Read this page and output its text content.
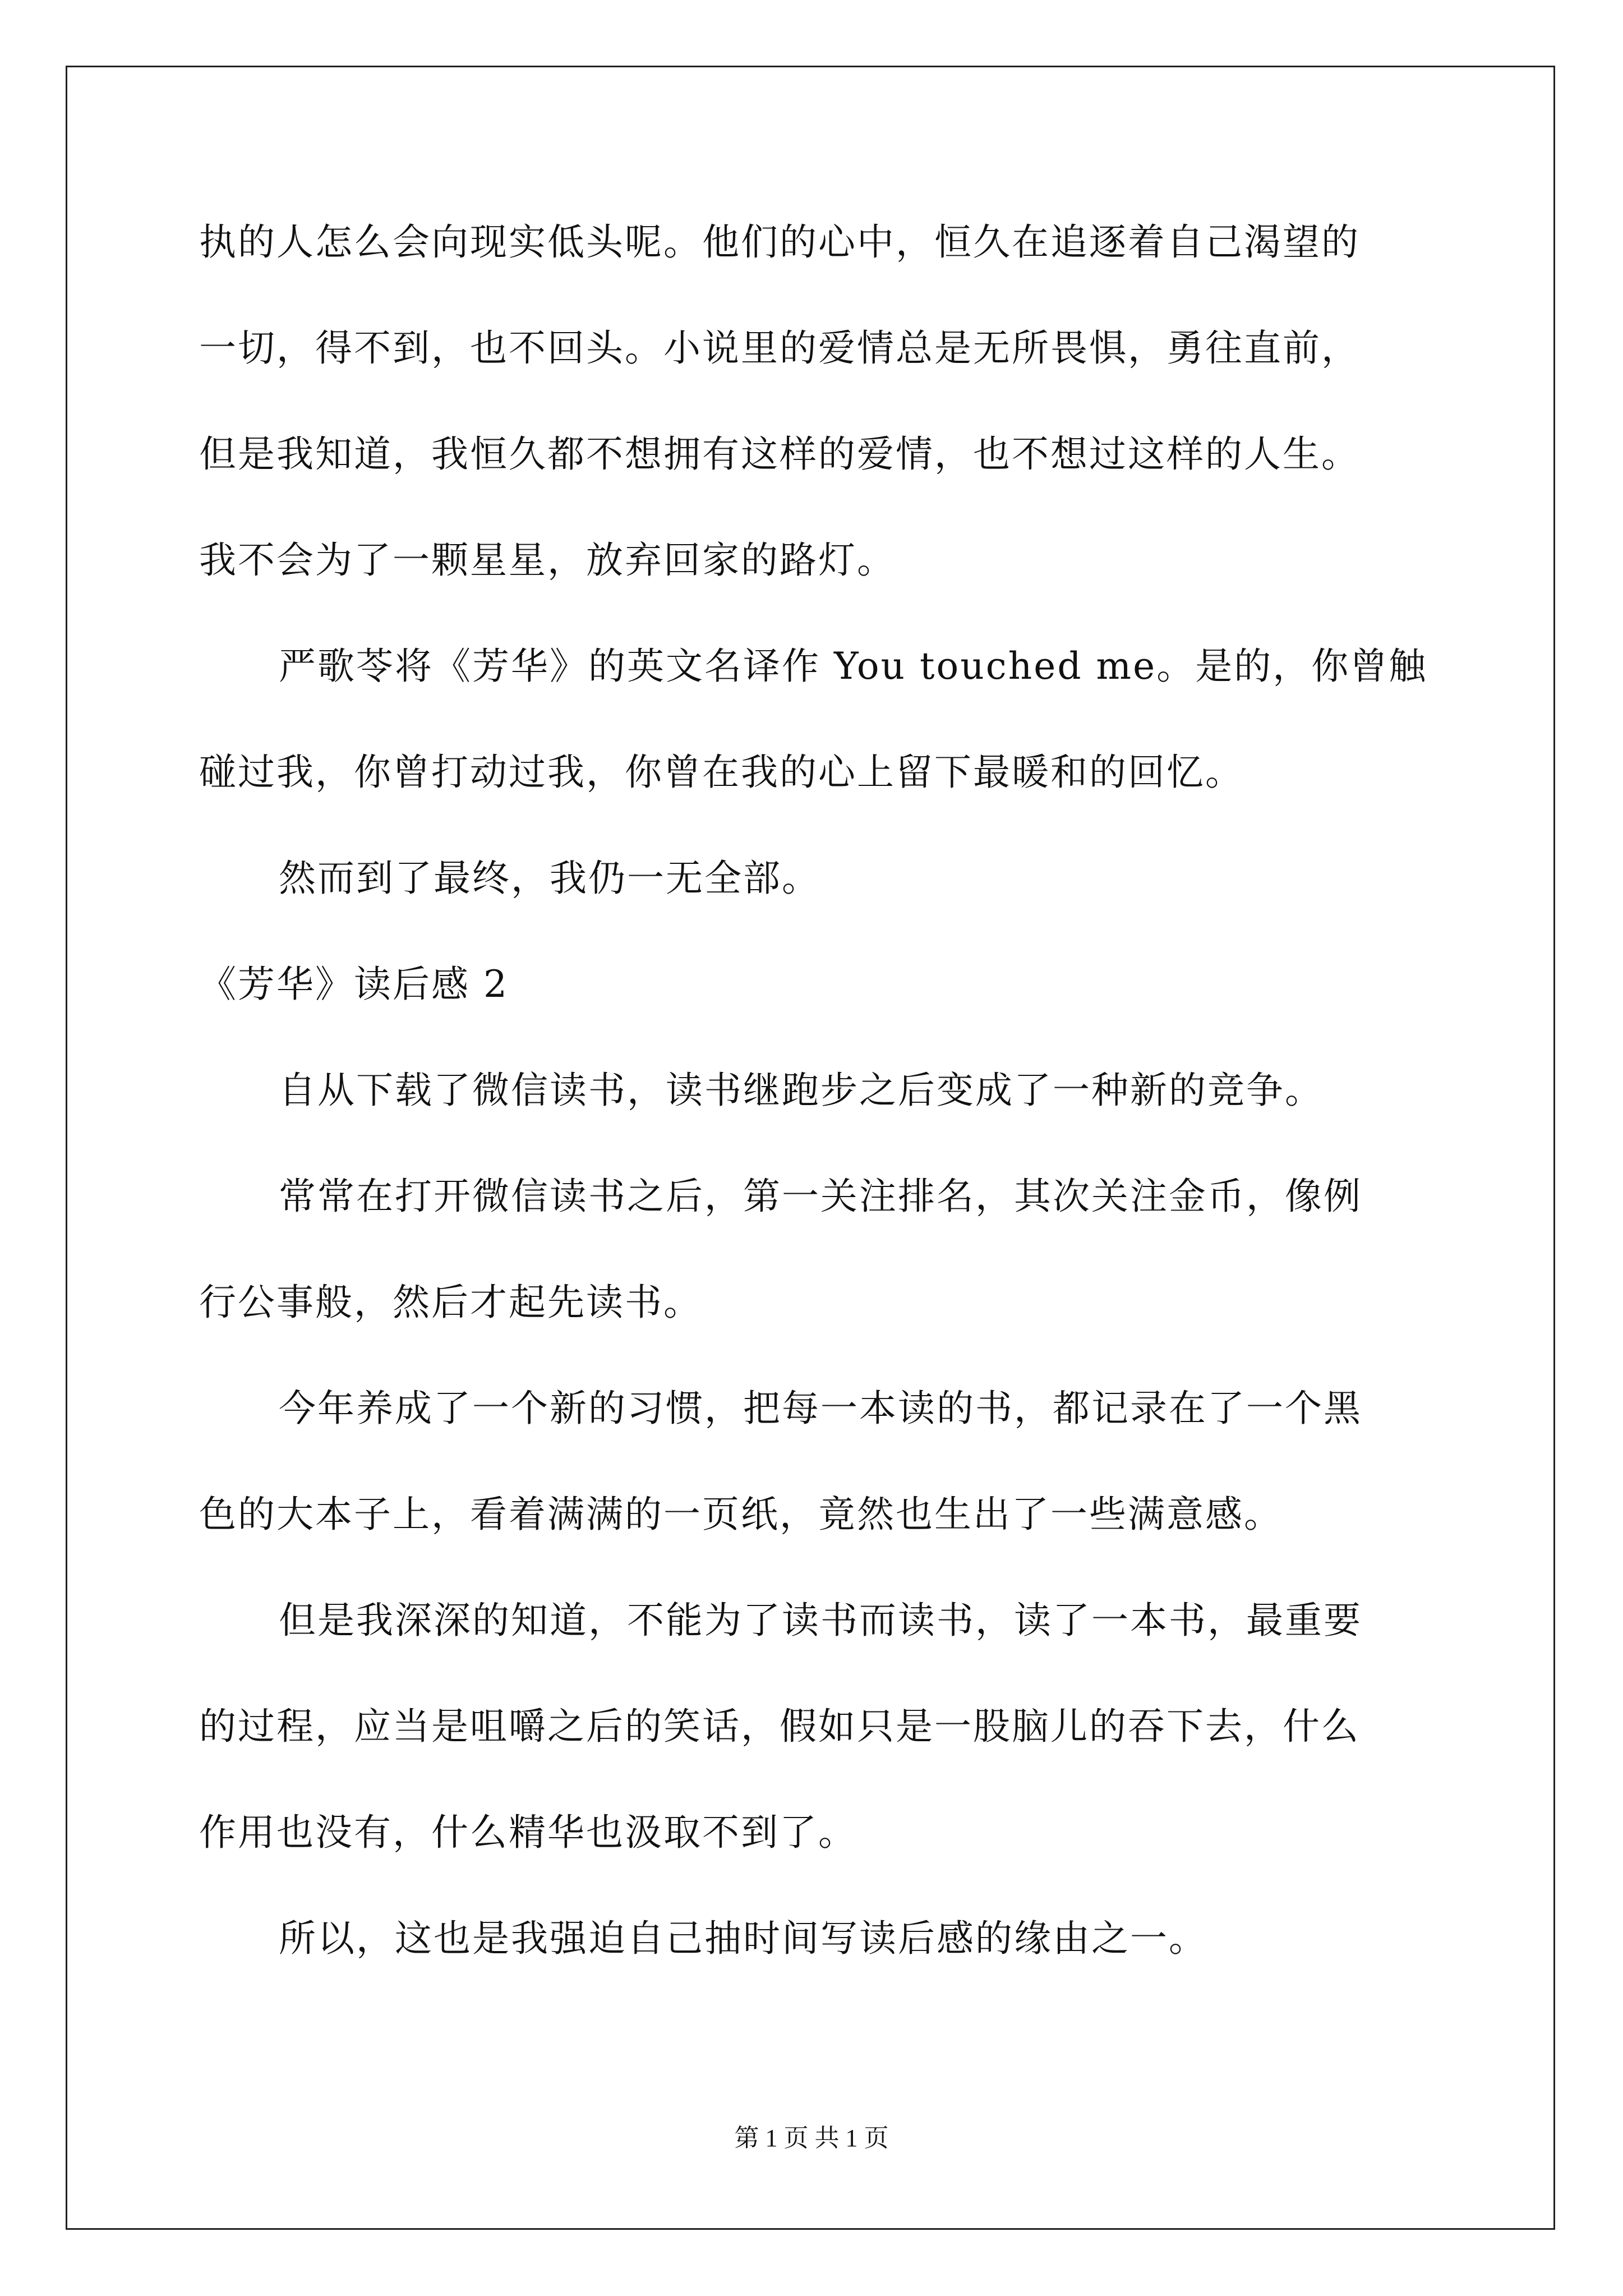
执的人怎么会向现实低头呢。他们的心中，恒久在追逐着自己渴望的
一切，得不到，也不回头。小说里的爱情总是无所畏惧，勇往直前，
但是我知道，我恒久都不想拥有这样的爱情，也不想过这样的人生。
我不会为了一颗星星，放弃回家的路灯。
严歌苓将《芳华》的英文名译作 You touched me。是的，你曾触
碰过我，你曾打动过我，你曾在我的心上留下最暖和的回忆。
然而到了最终，我仍一无全部。
《芳华》读后感 2
自从下载了微信读书，读书继跑步之后变成了一种新的竞争。
常常在打开微信读书之后，第一关注排名，其次关注金币，像例
行公事般，然后才起先读书。
今年养成了一个新的习惯，把每一本读的书，都记录在了一个黑
色的大本子上，看着满满的一页纸，竟然也生出了一些满意感。
但是我深深的知道，不能为了读书而读书，读了一本书，最重要
的过程，应当是咀嚼之后的笑话，假如只是一股脑儿的吞下去，什么
作用也没有，什么精华也汲取不到了。
所以，这也是我强迫自己抽时间写读后感的缘由之一。
第 1 页 共 1 页
